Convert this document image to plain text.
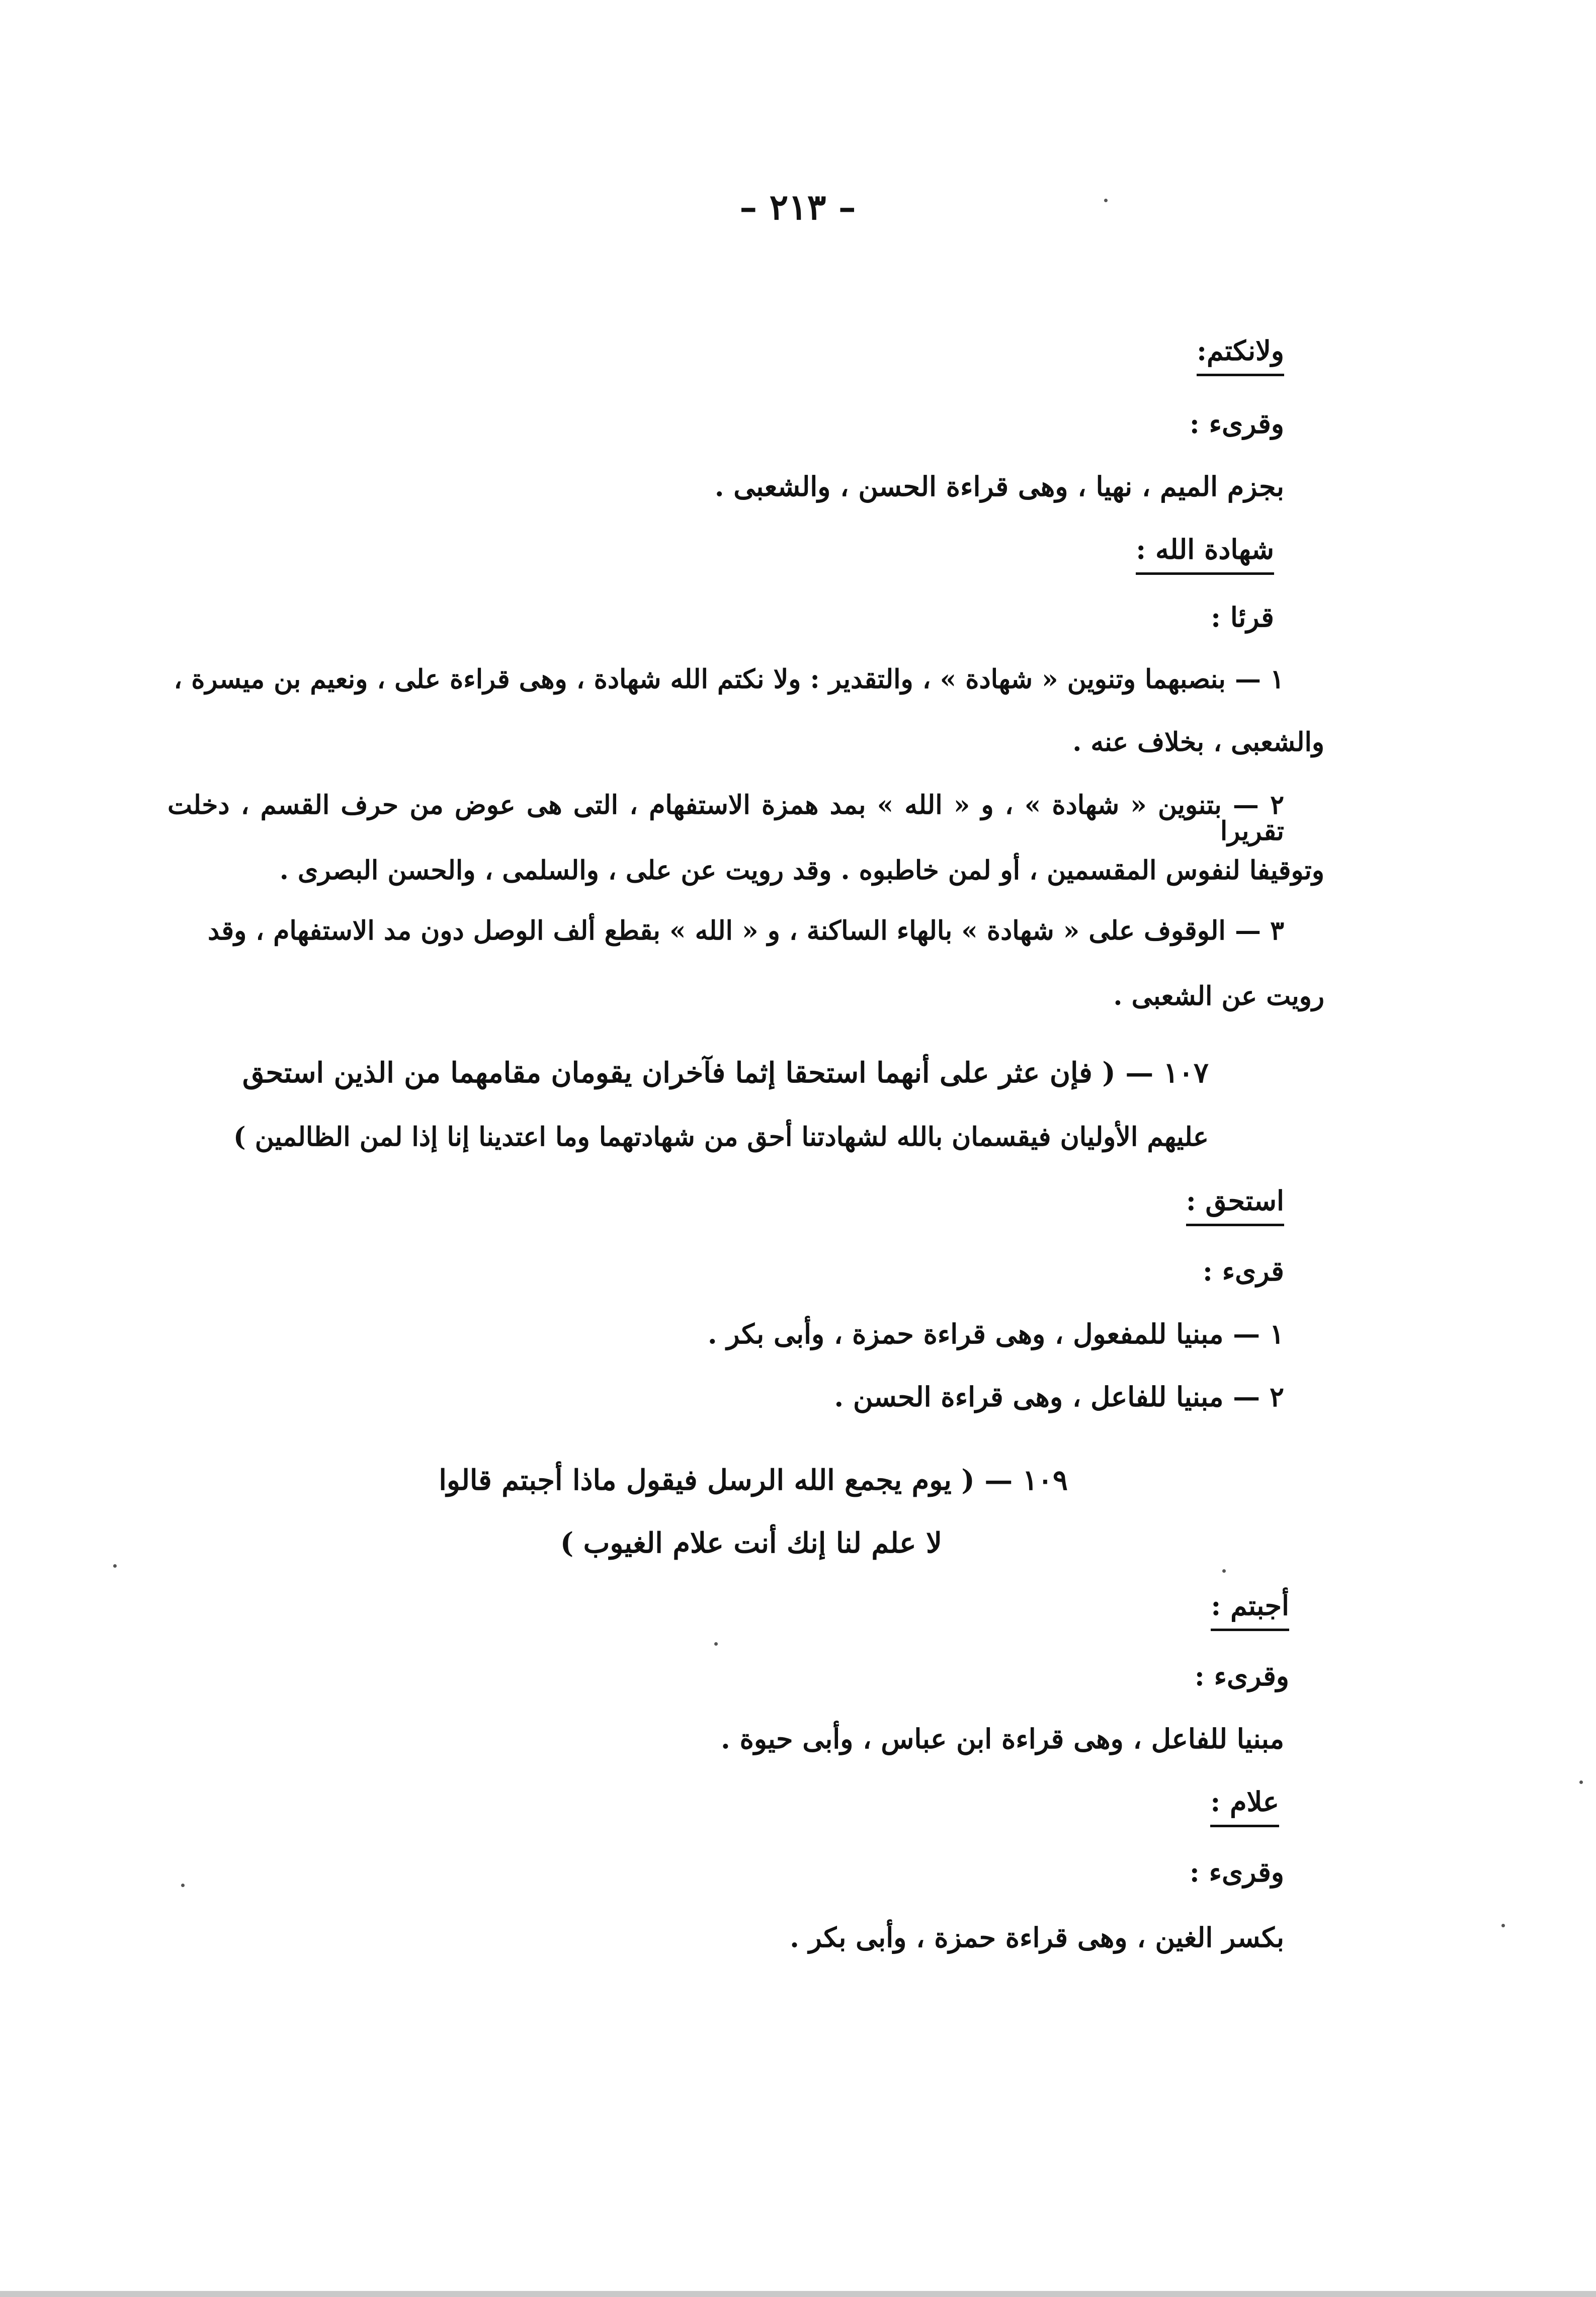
– ٢١٣ –
ولانكتم:
وقرىء :
بجزم الميم ، نهيا ، وهى قراءة الحسن ، والشعبى .
شهادة الله :
قرئا :
١ — بنصبهما وتنوين « شهادة » ، والتقدير : ولا نكتم الله شهادة ، وهى قراءة على ، ونعيم بن ميسرة ،
والشعبى ، بخلاف عنه .
٢ — بتنوين « شهادة » ، و « الله » بمد همزة الاستفهام ، التى هى عوض من حرف القسم ، دخلت تقريرا
وتوقيفا لنفوس المقسمين ، أو لمن خاطبوه . وقد رويت عن على ، والسلمى ، والحسن البصرى .
٣ — الوقوف على « شهادة » بالهاء الساكنة ، و « الله » بقطع ألف الوصل دون مد الاستفهام ، وقد
رويت عن الشعبى .
١٠٧ — ( فإن عثر على أنهما استحقا إثما فآخران يقومان مقامهما من الذين استحق
عليهم الأوليان فيقسمان بالله لشهادتنا أحق من شهادتهما وما اعتدينا إنا إذا لمن الظالمين )
استحق :
قرىء :
١ — مبنيا للمفعول ، وهى قراءة حمزة ، وأبى بكر .
٢ — مبنيا للفاعل ، وهى قراءة الحسن .
١٠٩ — ( يوم يجمع الله الرسل فيقول ماذا أجبتم قالوا
لا علم لنا إنك أنت علام الغيوب )
أجبتم :
وقرىء :
مبنيا للفاعل ، وهى قراءة ابن عباس ، وأبى حيوة .
علام :
وقرىء :
بكسر الغين ، وهى قراءة حمزة ، وأبى بكر .
